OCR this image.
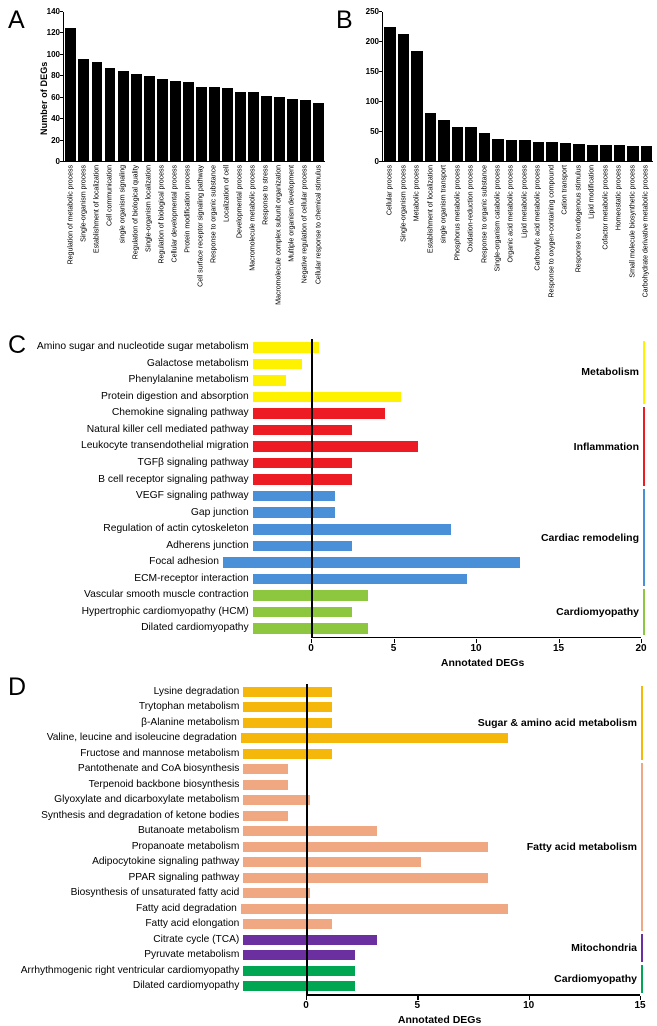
A
Number of DEGs
0
20
40
60
80
100
120
140
Regulation of metabolic process Single-organism process Establishment of localization Cell communication single organism signaling Regulation of biological quality Single-organism localization Regulation of biological process Cellular developmental process Protein modification process Cell surface receptor signaling pathway Response to organic substance Localization of cell Developmental process Macromolecule metabolic process Response to stress Macromolecule complex subunit organization Multiple organism development Negative regulation of cellular process Cellular response to chemical stimulus
B
0
50
100
150
200
250
Cellular process Single-organism process Metabolic process Establishment of localization single organism transport Phosphorus metabolic process Oxidation-reduction process Response to organic substance Single-organism catabolic process Organic acid metabolic process Lipid metabolic process Carboxylic acid metabolic process Response to oxygen-containing compound Cation transport Response to endogenous stimulus Lipid modification Cofactor metabolic process Homeostatic process Small molecule biosynthetic process Carbohydrate derivative metabolic process
C	Amino sugar and nucleotide sugar metabolism
Galactose metabolism
Phenylalanine metabolism
Protein digestion and absorption
Chemokine signaling pathway
Natural killer cell mediated pathway
Leukocyte transendothelial migration
TGFβ signaling pathway
B cell receptor signaling pathway
VEGF signaling pathway
Gap junction
Regulation of actin cytoskeleton
Adherens junction
Focal adhesion
ECM-receptor interaction
Vascular smooth muscle contraction
Hypertrophic cardiomyopathy (HCM)
Dilated cardiomyopathy
0	5	10	15	20
Annotated DEGs
Metabolism
Inflammation
Cardiac remodeling
Cardiomyopathy
D	Lysine degradation
Trytophan metabolism
β-Alanine metabolism
Valine, leucine and isoleucine degradation
Fructose and mannose metabolism
Pantothenate and CoA biosynthesis
Terpenoid backbone biosynthesis
Glyoxylate and dicarboxylate metabolism
Synthesis and degradation of ketone bodies
Butanoate metabolism
Propanoate metabolism
Adipocytokine signaling pathway
PPAR signaling pathway
Biosynthesis of unsaturated fatty acid
Fatty acid degradation
Fatty acid elongation
Citrate cycle (TCA)
Pyruvate metabolism
Arrhythmogenic right ventricular cardiomyopathy
Dilated cardiomyopathy
0	5	10	15
Annotated DEGs
Sugar & amino acid metabolism
Fatty acid metabolism
Mitochondria
Cardiomyopathy
